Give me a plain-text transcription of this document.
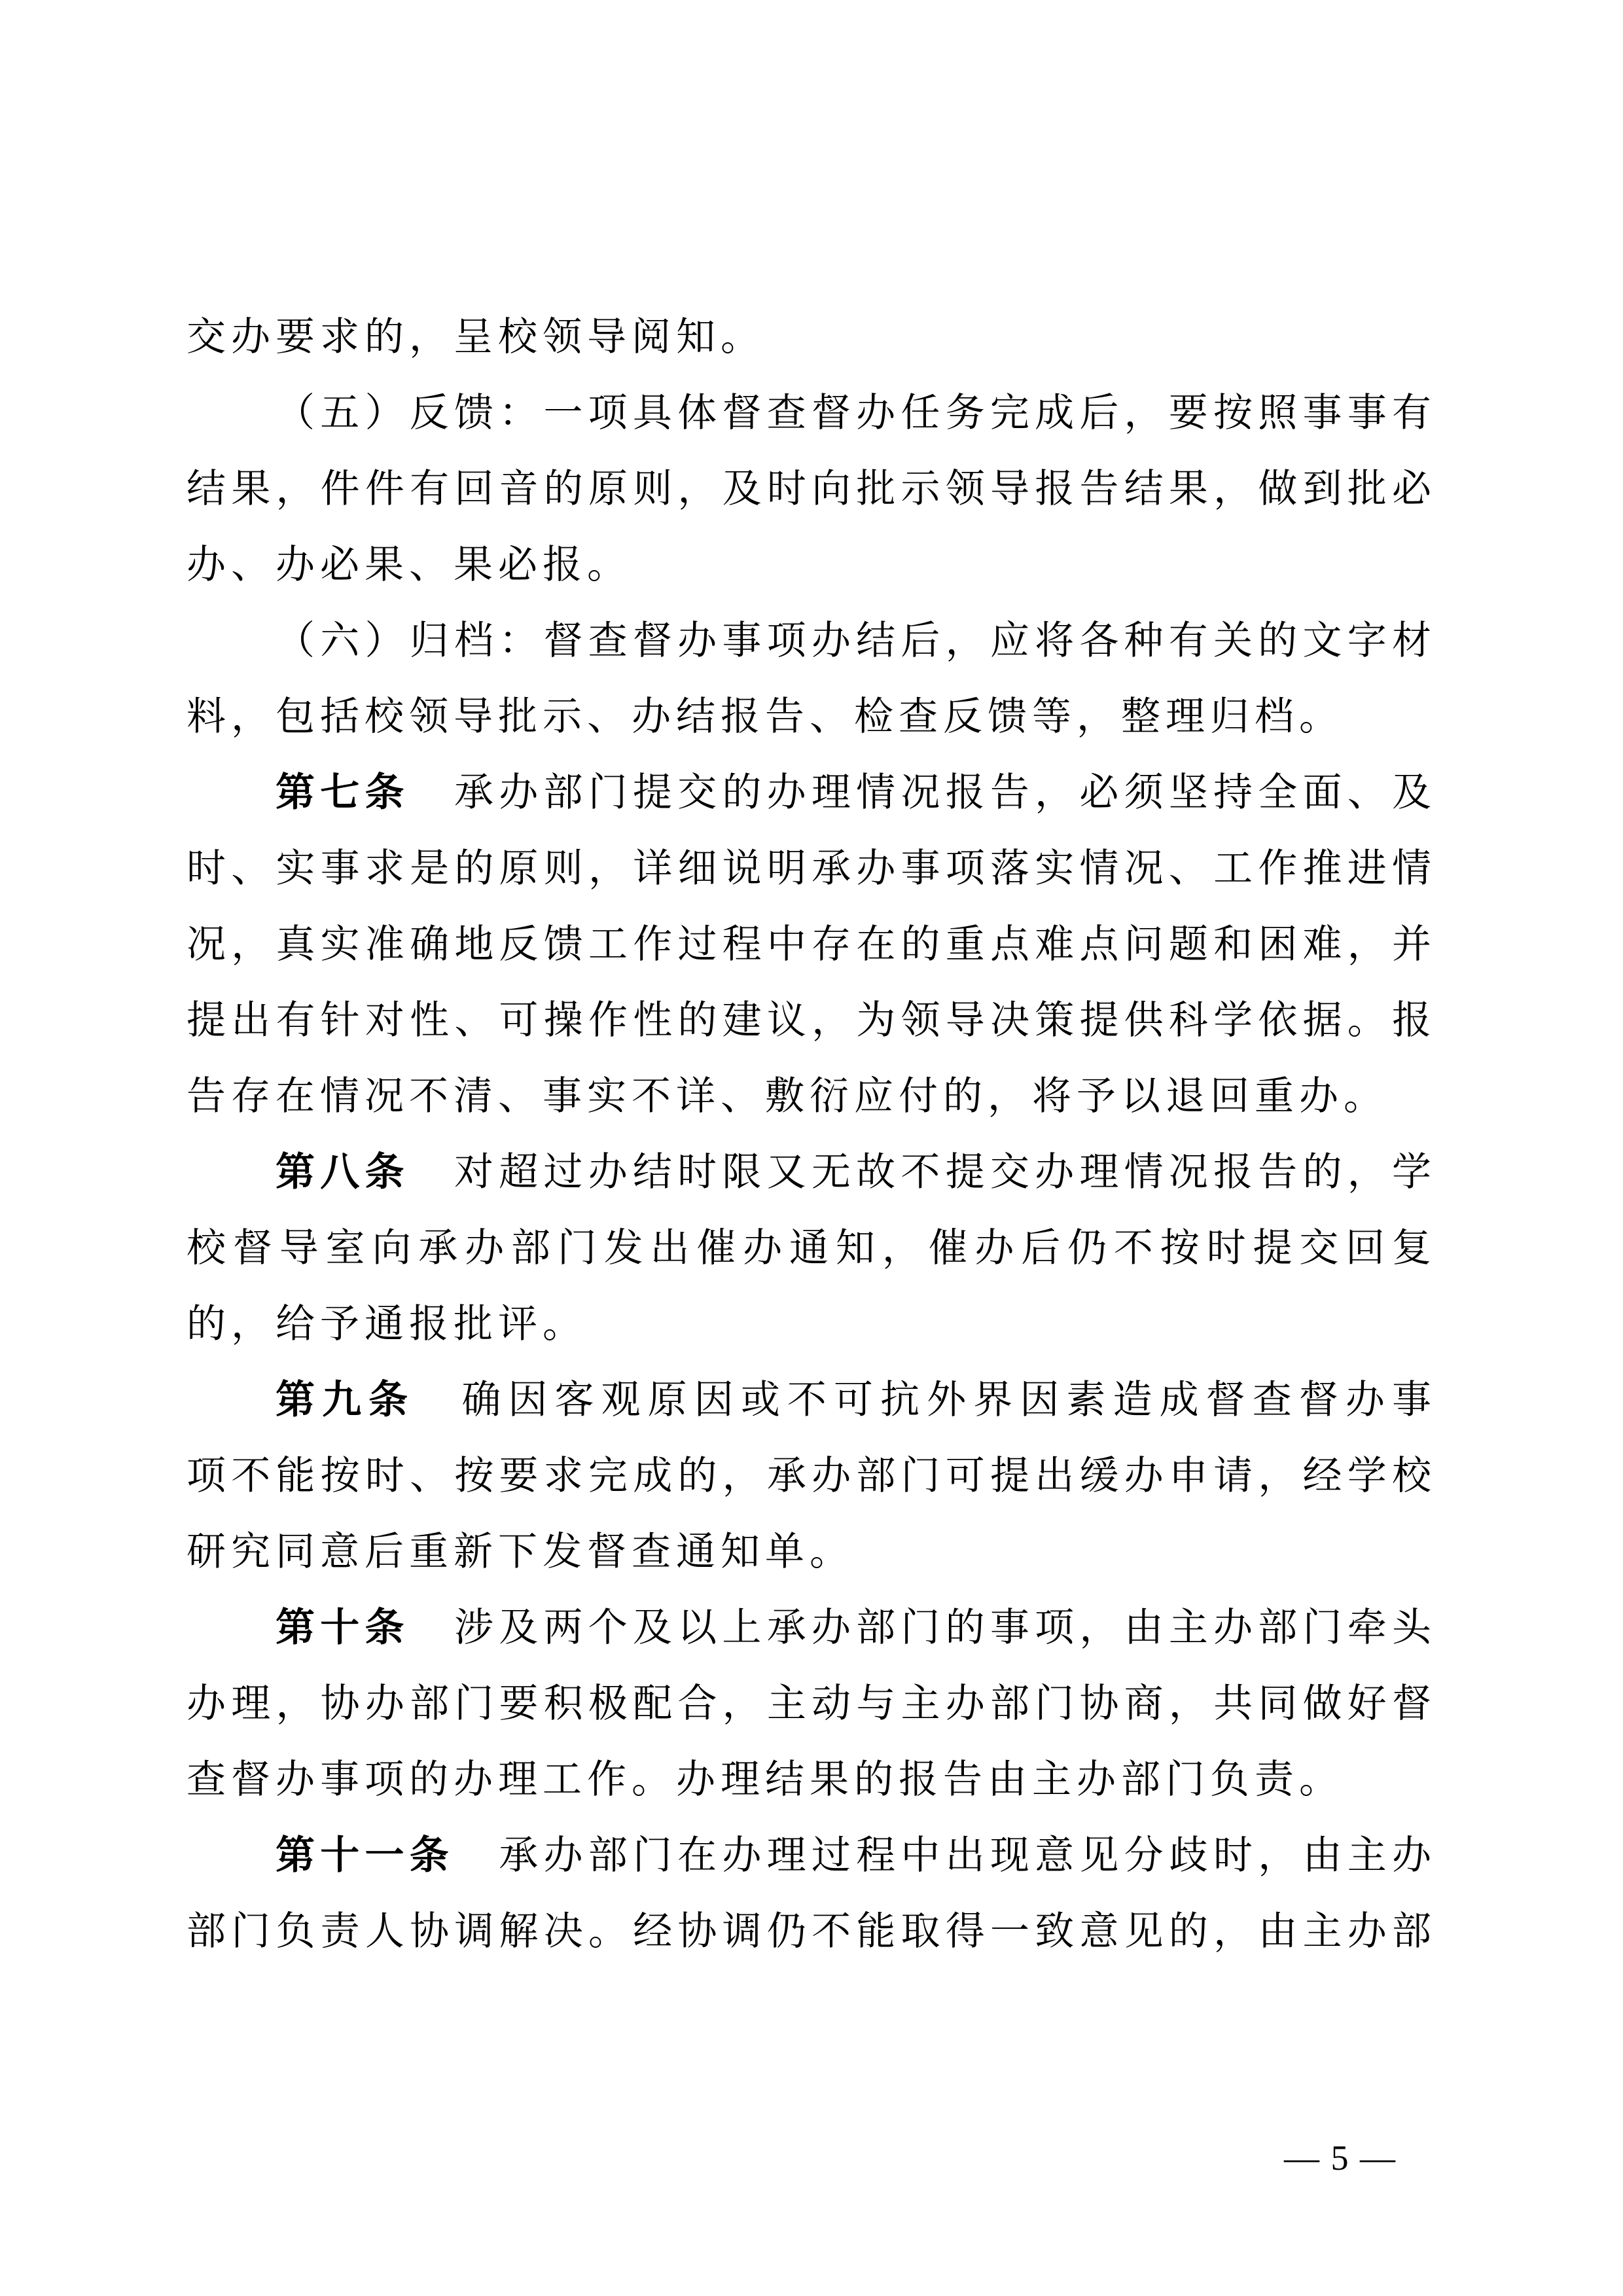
交办要求的，呈校领导阅知。
（五）反馈：一项具体督查督办任务完成后，要按照事事有
结果，件件有回音的原则，及时向批示领导报告结果，做到批必
办、办必果、果必报。
（六）归档：督查督办事项办结后，应将各种有关的文字材
料，包括校领导批示、办结报告、检查反馈等，整理归档。
第七条　承办部门提交的办理情况报告，必须坚持全面、及
时、实事求是的原则，详细说明承办事项落实情况、工作推进情
况，真实准确地反馈工作过程中存在的重点难点问题和困难，并
提出有针对性、可操作性的建议，为领导决策提供科学依据。报
告存在情况不清、事实不详、敷衍应付的，将予以退回重办。
第八条　对超过办结时限又无故不提交办理情况报告的，学
校督导室向承办部门发出催办通知，催办后仍不按时提交回复
的，给予通报批评。
第九条　确因客观原因或不可抗外界因素造成督查督办事
项不能按时、按要求完成的，承办部门可提出缓办申请，经学校
研究同意后重新下发督查通知单。
第十条　涉及两个及以上承办部门的事项，由主办部门牵头
办理，协办部门要积极配合，主动与主办部门协商，共同做好督
查督办事项的办理工作。办理结果的报告由主办部门负责。
第十一条　承办部门在办理过程中出现意见分歧时，由主办
部门负责人协调解决。经协调仍不能取得一致意见的，由主办部
— 5 —
